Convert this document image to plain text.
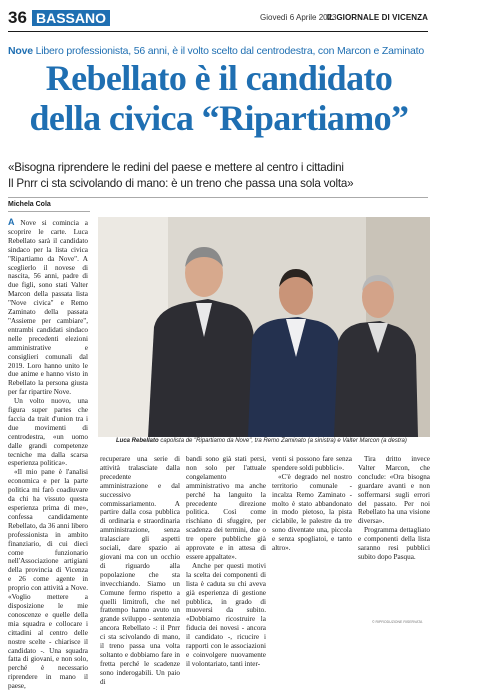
36 BASSANO	Giovedì 6 Aprile 2023
IL GIORNALE DI VICENZA
Nove Libero professionista, 56 anni, è il volto scelto dal centrodestra, con Marcon e Zaminato
Rebellato è il candidato
della civica “Ripartiamo”
«Bisogna riprendere le redini del paese e mettere al centro i cittadini
Il Pnrr ci sta scivolando di mano: è un treno che passa una sola volta»
Michela Cola

A Nove si comincia a scoprire le carte. Luca Rebellato sarà il candidato sindaco per la lista civica "Ripartiamo da Nove". A sceglierlo il novese di nascita, 56 anni, padre di due figli, sono stati Valter Marcon della passata lista "Nove civica" e Remo Zaminato della passata "Assieme per cambiare", entrambi candidati sindaco nelle precedenti elezioni amministrative e consiglieri comunali dal 2019. Loro hanno unito le due anime e hanno visto in Rebellato la persona giusta per far ripartire Nove.

Un volto nuovo, una figura super partes che faccia da trait d'union tra i due movimenti di centrodestra, «un uomo dalle grandi competenze tecniche ma dalla scarsa esperienza politica».

«Il mio pane è l'analisi economica e per la parte politica mi farò coadiuvare da chi ha vissuto questa esperienza prima di me», confessa candidamente Rebellato, da 36 anni libero professionista in ambito finanziario, di cui dieci come funzionario nell'Associazione artigiani della provincia di Vicenza e 26 come agente in proprio con attività a Nove. «Voglio mettere a disposizione le mie conoscenze e quelle della mia squadra e collocare i cittadini al centro delle nostre scelte - chiarisce il candidato -. Una squadra fatta di giovani, e non solo, perché è necessario riprendere in mano il paese,

FOTOGRAFIA DEL GIORNALE
Luca Rebellato capolista de "Ripartiamo da Nove", tra Remo Zaminato (a sinistra) e Valter Marcon (a destra)

recuperare una serie di attività tralasciate dalla precedente amministrazione e dal successivo commissariamento. A partire dalla cosa pubblica di ordinaria e straordinaria amministrazione, senza tralasciare gli aspetti sociali, dare spazio ai giovani ma con un occhio di riguardo alla popolazione che sta invecchiando. Siamo un Comune fermo rispetto a quelli limitrofi, che nel frattempo hanno avuto un grande sviluppo - sentenzia ancora Rebellato -: il Pnrr ci sta scivolando di mano, il treno passa una volta soltanto e dobbiamo fare in fretta perché le scadenze sono inderogabili. Un paio di

bandi sono già stati persi, non solo per l'attuale congelamento amministrativo ma anche perché ha languito la precedente direzione politica. Così come rischiano di sfuggire, per scadenza dei termini, due o tre opere pubbliche già approvate e in attesa di essere appaltate».

Anche per questi motivi la scelta dei componenti di lista è caduta su chi aveva già esperienza di gestione pubblica, in grado di muoversi da subito. «Dobbiamo ricostruire la fiducia dei novesi - ancora il candidato -, ricucire i rapporti con le associazioni e coinvolgere nuovamente il volontariato, tanti inter-

venti si possono fare senza spendere soldi pubblici».

«C'è degrado nel nostro territorio comunale - incalza Remo Zaminato - molto è stato abbandonato in modo pietoso, la pista ciclabile, le palestre da tre sono diventate una, piccola e senza spogliatoi, e tanto altro».

Tira dritto invece Valter Marcon, che conclude: «Ora bisogna guardare avanti e non soffermarsi sugli errori del passato. Per noi Rebellato ha una visione diversa».

Programma dettagliato e componenti della lista saranno resi pubblici subito dopo Pasqua.

© RIPRODUZIONE RISERVATA
